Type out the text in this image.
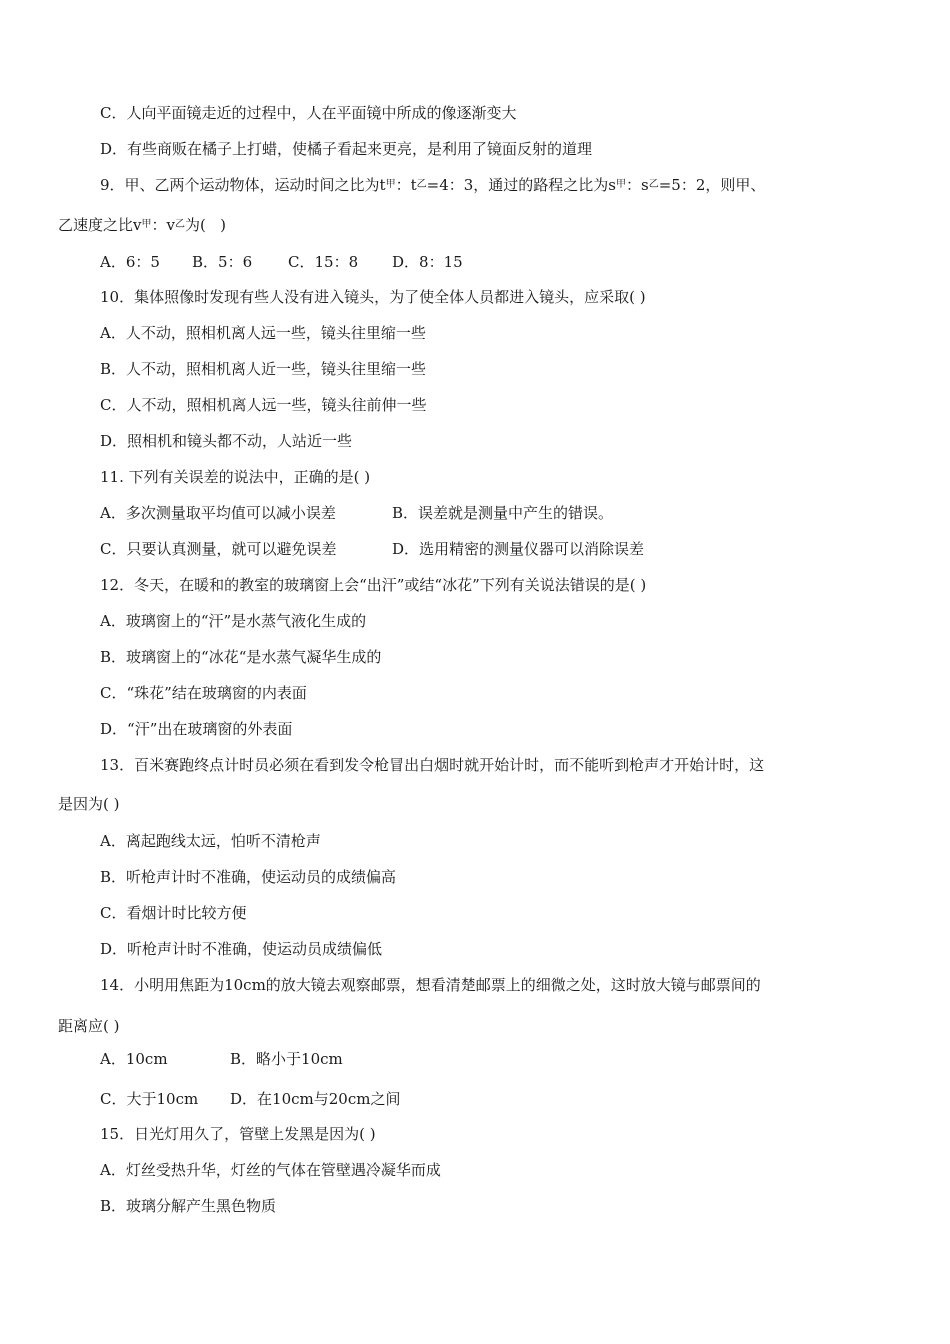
C．人向平面镜走近的过程中，人在平面镜中所成的像逐渐变大
D．有些商贩在橘子上打蜡，使橘子看起来更亮，是利用了镜面反射的道理
9．甲、乙两个运动物体，运动时间之比为 t 甲 ： t 乙 =4：3，通过的路程之比为 s 甲 ： s 乙 =5：2，则甲、
乙速度之比 v 甲 ： v 乙 为(   )
A．6：5 B．5：6 C．15：8 D．8：15
10．集体照像时发现有些人没有进入镜头，为了使全体人员都进入镜头，应采取( )
A．人不动，照相机离人远一些，镜头往里缩一些
B．人不动，照相机离人近一些，镜头往里缩一些
C．人不动，照相机离人远一些，镜头往前伸一些
D．照相机和镜头都不动，人站近一些
11. 下列有关误差的说法中，正确的是( )
A．多次测量取平均值可以减小误差	B．误差就是测量中产生的错误。
C．只要认真测量，就可以避免误差	D．选用精密的测量仪器可以消除误差
12．冬天，在暖和的教室的玻璃窗上会“出汗”或结“冰花”下列有关说法错误的是( )
A．玻璃窗上的“汗”是水蒸气液化生成的
B．玻璃窗上的“冰花“是水蒸气凝华生成的
C．“珠花”结在玻璃窗的内表面
D．“汗”出在玻璃窗的外表面
13．百米赛跑终点计时员必须在看到发令枪冒出白烟时就开始计时，而不能听到枪声才开始计时，这
是因为( )
A．离起跑线太远，怕听不清枪声
B．听枪声计时不准确，使运动员的成绩偏高
C．看烟计时比较方便
D．听枪声计时不准确，使运动员成绩偏低
14．小明用焦距为10cm的放大镜去观察邮票，想看清楚邮票上的细微之处，这时放大镜与邮票间的
距离应( )
A．10cm	B．略小于10cm
C．大于10cm D．在10cm与20cm之间
15．日光灯用久了，管壁上发黑是因为( )
A．灯丝受热升华，灯丝的气体在管壁遇冷凝华而成
B．玻璃分解产生黑色物质
